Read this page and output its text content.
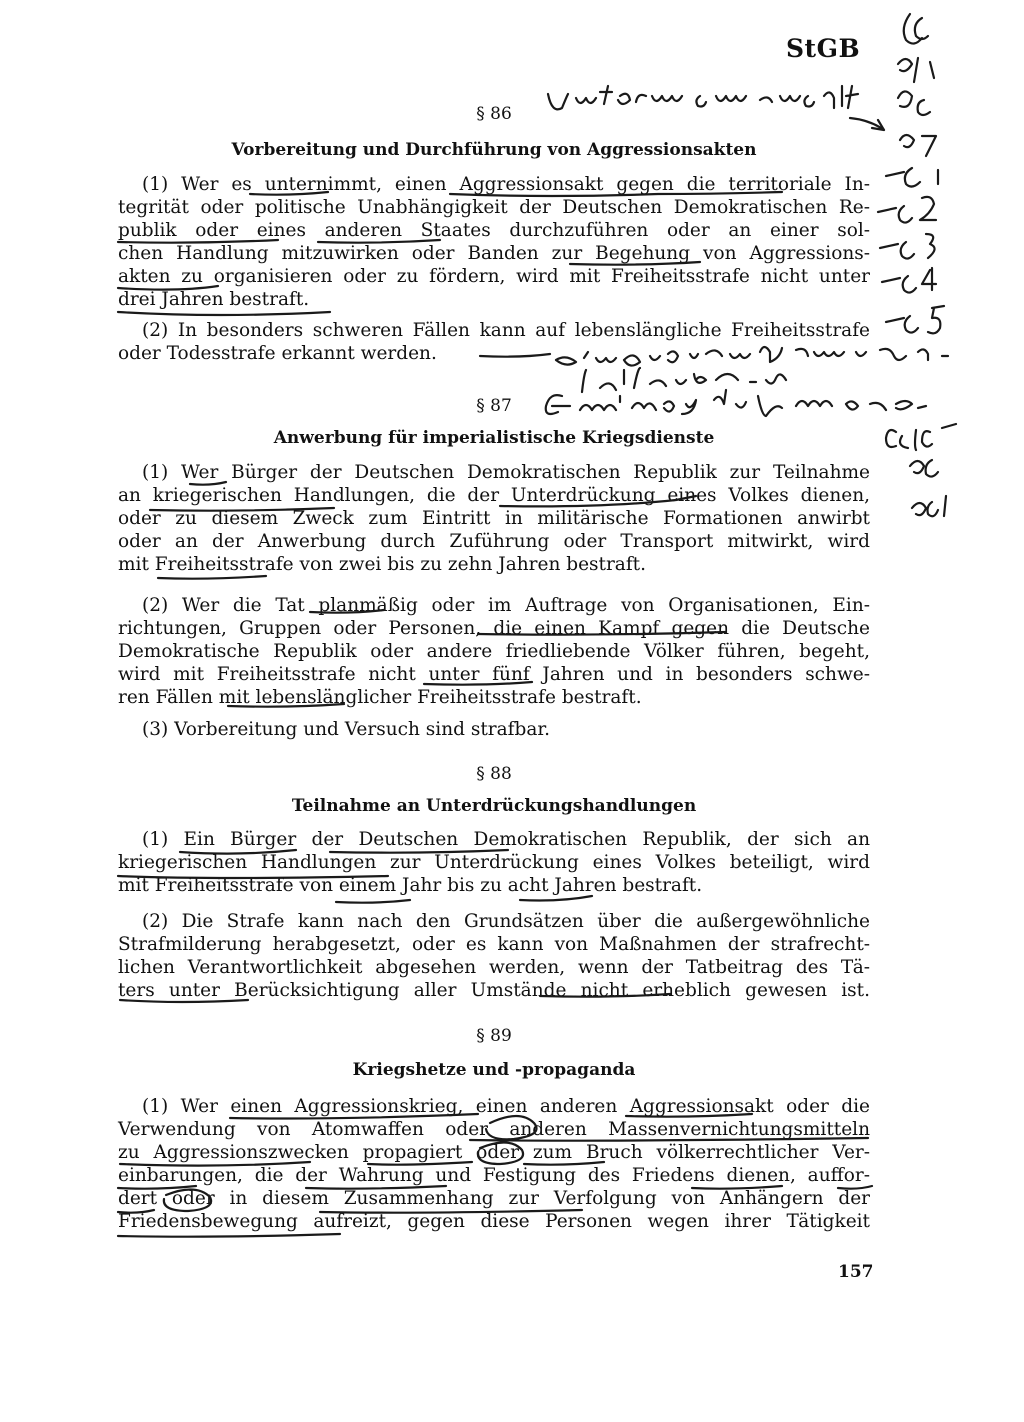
StGB
§ 86
Vorbereitung und Durchführung von Aggressionsakten
(1) Wer es unternimmt, einen Aggressionsakt gegen die territoriale In-
tegrität oder politische Unabhängigkeit der Deutschen Demokratischen Re-
publik oder eines anderen Staates durchzuführen oder an einer sol-
chen Handlung mitzuwirken oder Banden zur Begehung von Aggressions-
akten zu organisieren oder zu fördern, wird mit Freiheitsstrafe nicht unter
drei Jahren bestraft.
(2) In besonders schweren Fällen kann auf lebenslängliche Freiheitsstrafe
oder Todesstrafe erkannt werden.
§ 87
Anwerbung für imperialistische Kriegsdienste
(1) Wer Bürger der Deutschen Demokratischen Republik zur Teilnahme
an kriegerischen Handlungen, die der Unterdrückung eines Volkes dienen,
oder zu diesem Zweck zum Eintritt in militärische Formationen anwirbt
oder an der Anwerbung durch Zuführung oder Transport mitwirkt, wird
mit Freiheitsstrafe von zwei bis zu zehn Jahren bestraft.
(2) Wer die Tat planmäßig oder im Auftrage von Organisationen, Ein-
richtungen, Gruppen oder Personen, die einen Kampf gegen die Deutsche
Demokratische Republik oder andere friedliebende Völker führen, begeht,
wird mit Freiheitsstrafe nicht unter fünf Jahren und in besonders schwe-
ren Fällen mit lebenslänglicher Freiheitsstrafe bestraft.
(3) Vorbereitung und Versuch sind strafbar.
§ 88
Teilnahme an Unterdrückungshandlungen
(1) Ein Bürger der Deutschen Demokratischen Republik, der sich an
kriegerischen Handlungen zur Unterdrückung eines Volkes beteiligt, wird
mit Freiheitsstrafe von einem Jahr bis zu acht Jahren bestraft.
(2) Die Strafe kann nach den Grundsätzen über die außergewöhnliche
Strafmilderung herabgesetzt, oder es kann von Maßnahmen der strafrecht-
lichen Verantwortlichkeit abgesehen werden, wenn der Tatbeitrag des Tä-
ters unter Berücksichtigung aller Umstände nicht erheblich gewesen ist.
§ 89
Kriegshetze und -propaganda
(1) Wer einen Aggressionskrieg, einen anderen Aggressionsakt oder die
Verwendung von Atomwaffen oder anderen Massenvernichtungsmitteln
zu Aggressionszwecken propagiert oder zum Bruch völkerrechtlicher Ver-
einbarungen, die der Wahrung und Festigung des Friedens dienen, auffor-
dert oder in diesem Zusammenhang zur Verfolgung von Anhängern der
Friedensbewegung aufreizt, gegen diese Personen wegen ihrer Tätigkeit
157
